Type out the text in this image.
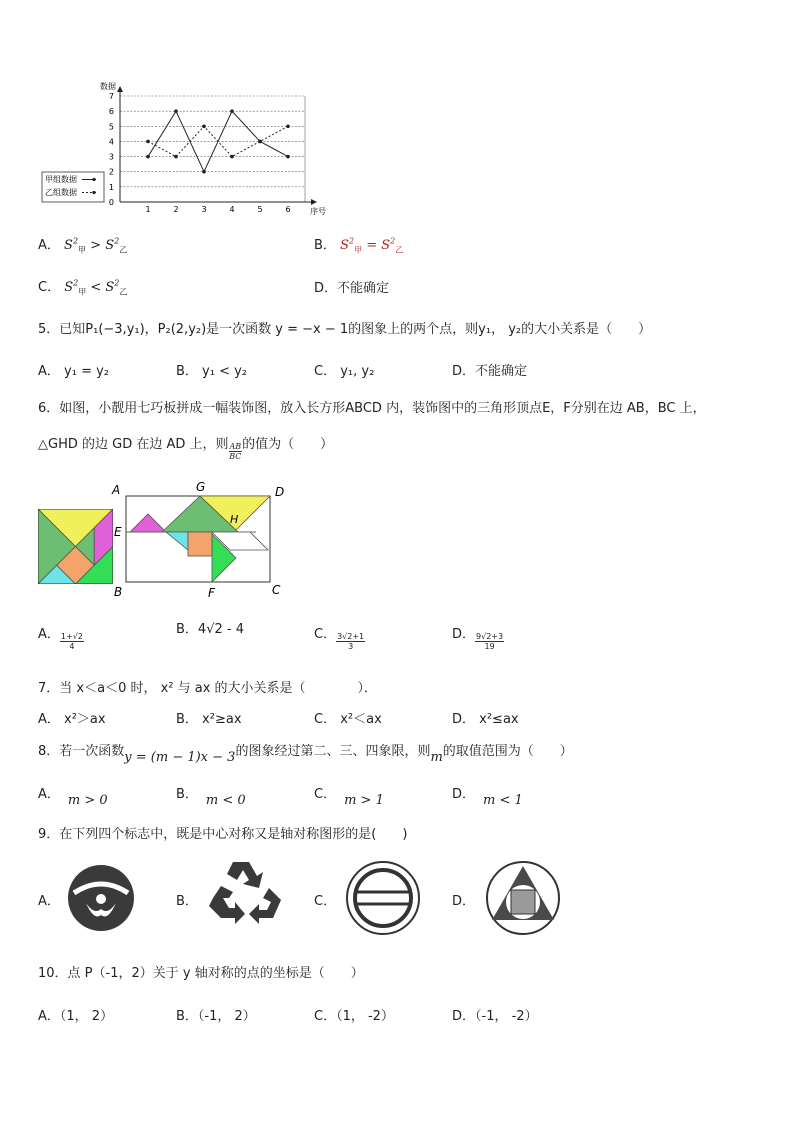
数据
序号
0
1
2
3
4
5
6
7
1	2	3	4	5	6
甲组数据
乙组数据
A． $S^2_甲 > S^2_乙$	B． $S^2_甲 = S^2_乙$
C． $S^2_甲 < S^2_乙$	D．不能确定
5．已知P₁(−3,y₁)，P₂(2,y₂)是一次函数 y = −x − 1的图象上的两个点，则y₁， y₂的大小关系是（　　）
A． y₁ = y₂	B． y₁ < y₂	C． y₁, y₂	D．不能确定
6．如图，小靓用七巧板拼成一幅装饰图，放入长方形ABCD 内，装饰图中的三角形顶点E，F分别在边 AB，BC 上，
△GHD 的边 GD 在边 AD 上，则 $\frac{AB}{BC}$ 的值为（　　）
A	G	D
H
E
B	F	C
A． $\frac{1+√2}{4}$
B．4√2 - 4	C． $\frac{3√2+1}{3}$	D． $\frac{9√2+3}{19}$
7．当 x＜a＜0 时， x² 与 ax 的大小关系是（　　　　）．
A． x²＞ax	B． x²≥ax	C． x²＜ax	D． x²≤ax
8．若一次函数y = (m − 1)x − 3的图象经过第二、三、四象限，则m的取值范围为（　　）
A． m > 0	B． m < 0	C． m > 1	D． m < 1
9．在下列四个标志中，既是中心对称又是轴对称图形的是(　　)
A．	B．	C．	D．
10．点 P（-1，2）关于 y 轴对称的点的坐标是（　　）
A．（1， 2）	B．（-1， 2）	C．（1， -2）	D．（-1， -2）
